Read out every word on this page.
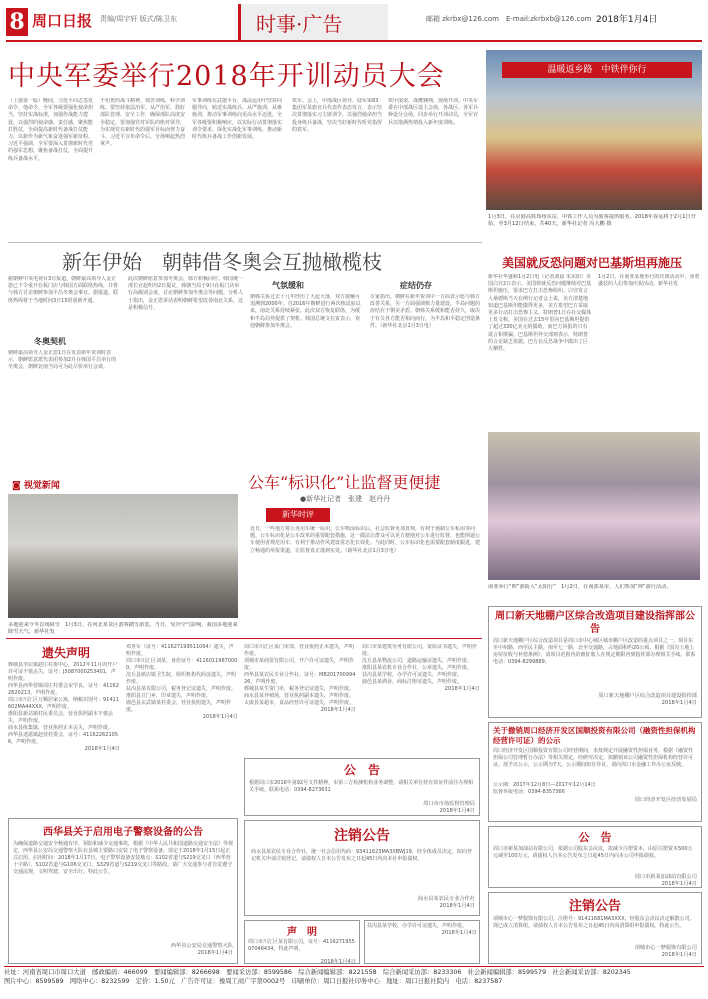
8 周口日报 责编/周宇轩 版式/陈卫东	时事·广告	邮箱 zkrbx@126.com　E-mail:zkrbxb@126.com 2018年1月4日
中央军委举行2018年开训动员大会
（上接第一版）晚间，习近平同志签发命令。他命令，全军各级要强化使命担当，坚持实战标准，加强作战能力建设，以强烈的使命感、责任感，聚焦能打胜仗，全面提高新时代备战打仗能力，以新作为新气象奋进强军新征程。习近平强调，全军要深入贯彻新时代党的强军思想，聚焦备战打仗，全面提升练兵备战水平。
不怕死的战斗精神，刻苦训练，科学训练。要坚持依法治军、从严治军，抓好部队管理、安全工作，确保部队高度安全稳定。要加强党对军队的绝对领导，为实现党在新时代的强军目标而努力奋斗。习近平宣布命令后，全场响起热烈掌声。
军事训练在武器平台、战法运用中坚持问题导向，贴近实战练兵、从严施训、从难施训，推动军事训练向更高水平迈进。全军各级要积极响应，以实际行动贯彻落实训令要求，深化实战化军事训练，推动新时代练兵备战工作创新发展。
铁军。会上，中部战区领导、陆军第83集团军某旅官兵代表作表态发言，表示坚决贯彻落实习主席训令，以强烈使命担当投身练兵备战，坚决当好新时代听党指挥的铁军。
铁甲滚滚、战鹰翱翔，现场开训。中央军委在中部战区设主会场，各战区、各军兵种设分会场，同步举行开训动员，全军官兵以饱满热情投入新年度训练。
温暖返乡路　中铁伴你行
1月3日，在京港高铁郑州东站，中铁工作人员为旅客提供服务。2018年春运将于2月1日开始，至3月12日结束，共40天。新华社记者 冯大鹏 摄
新年伊始　朝韩借冬奥会互抛橄榄枝
据朝鲜中央电视台3日报道，朝鲜最高领导人金正恩已下令重开在板门店与韩国方面联络热线，并将与韩方讨论朝鲜参加平昌冬奥会事宜。据报道，联络热线将于当地时间3日15时重新开通。
冬奥契机
朝鲜最高领导人金正恩1日在发表新年贺词时表示，朝鲜愿意派代表团参加2月在韩国平昌举行的冬奥会，朝鲜北南当局可为此尽快举行会谈。
此次朝鲜愿意参加冬奥会，韩方积极回应。韩国统一部长官赵明均2日提议，韩朝当局于9日在板门店举行高级别会谈，讨论朝鲜参加冬奥会等问题。分析人士指出，金正恩讲话表明朝鲜希望改善南北关系，这是积极信号。
气氛缓和
朝韩关系过去十几年经历了大起大落，双方接触可追溯到2000年。自2016年朝鲜进行两次核试验以来，南北关系持续紧张。此次双方恢复联络，为缓和半岛局势提供了契机。韩国总统文在寅表示，欢迎朝鲜参加冬奥会。
症结仍存
专家指出，朝鲜在新年贺词中一方面表示愿与韩方改善关系，另一方面强调核力量建设。半岛问题的症结在于朝美矛盾，朝韩关系缓和能否持久，取决于有关各方能否相向而行，为半岛和平稳定创造条件。（新华社北京1月3日电）
美国就反恐问题对巴基斯坦再施压
新华社华盛顿1月2日电（记者刘晨 朱东阳）美国白宫2日表示，美国将就反恐问题继续对巴基斯坦施压，要求巴方打击恐怖组织。白宫发言人桑德斯当天在例行记者会上说，美方清楚地知道巴基斯坦能做得更多，美方希望巴方采取更多行动打击恐怖主义。特朗普1日在社交媒体上发文称，美国在过去15年里向巴基斯坦提供了超过330亿美元的援助，而巴方回报的只有谎言和欺骗。巴基斯坦外交部则表示，特朗普的言论缺乏依据，巴方在反恐战争中做出了巨大牺牲。
1月2日，在南亚某地举行的庆典活动中，身着盛装的人们参加庆祝活动。新华社发
南亚举行“帅”游街入“太阳行”　1月2日，在南部某市，人们参加“帅”游行活动。
公车“标识化”让监督更便捷
●新华社记者　张建　赵丹丹
新华时评
近日，一些地方将公务用车统一标识。公车喷涂标识后，社会监督更加直观，有利于遏制公车私用等问题。公车标识化是公车改革的重要配套措施，这一做法让群众可以更方便地对公车进行监督，也能倒逼公车使用者规范用车，有利于推动作风建设常态化长效化。与此同时，公车标识化也需要配套制度跟进，建立畅通的举报渠道，让监督真正落到实处。（新华社北京1月3日电）
◙ 视觉新闻
多地迎来今冬首场降雪　1月3日，在河北某景区游客踏雪游览。当日，受冷空气影响，我国多地迎来降雪天气。新华社发
遗失声明

郸城县李店镇赵庄村委中心，2012年11月的开户许可证不慎丢失，证号：J5087000253401，声明作废。

西华县西华营镇周庄村委会宋学良，证号：411622620213，声明作废。

周口市川汇区万顺居家公寓，纳税识别号：91411602MA44XXX，声明作废。

淮阳县新站镇村民委员会，营业执照副本不慎丢失，声明作废。

商水县练集镇，营业执照正本丢失，声明作废。

西华县逍遥镇赵营村委会，证号：411622621056，声明作废。

2018年1月4日

邓亚军（证号：411627199511064）遗失，声明作废。

周口市川汇区刘某，身份证号：41160119870000，声明作废。

沈丘县纸店镇卫生院，组织机构代码证遗失，声明作废。

扶沟县某有限公司，税务登记证遗失，声明作废。

淮阳县豆门乡，印章遗失，声明作废。

鹿邑县玄武镇某村委会，营业执照遗失，声明作废。

2018年1月4日

周口市川汇区某门市部，营业执照正本遗失，声明作废。

项城市某商贸有限公司，开户许可证遗失，声明作废。

西华县某农民专业合作社，证号：MB20170099426，声明作废。

郸城县某生资门市，税务登记证遗失，声明作废。

商水县某养殖场，营业执照副本遗失，声明作废。

太康县某超市，食品经营许可证遗失，声明作废。

2018年1月4日

周口市某建筑劳务有限公司，资质证书遗失，声明作废。

沈丘县某物流公司，道路运输证遗失，声明作废。

淮阳县某农机专业合作社，公章遗失，声明作废。

扶沟县某学校，办学许可证遗失，声明作废。

鹿邑县某酒业，商标注册证遗失，声明作废。

2018年1月4日

公　告
根据周口市2016年第92号文件精神，市第三方检测机构业务调整，请相关单位持有效证件前往办理相关手续。联系电话：0394-8273631
周口市市场监督管理局
2018年1月4日
西华县关于启用电子警察设备的公告
为确保道路交通安全畅通有序，预防和减少交通事故，根据《中华人民共和国道路交通安全法》等规定，西华县公安局交通警察大队在县城主要路口安装了电子警察设备，现定于2018年1月15日起正式启用。启用时间：2018年1月17日。电子警察设备安装地点：S102省道与S219交叉口（西华营十字路）、S102省道与G106交叉口、S329省道与S219交叉口等路段。请广大交通参与者自觉遵守交通法规，文明驾驶，安全出行。特此公告。
西华县公安局交通警察大队
2018年1月4日
注销公告
商水县某农民专业合作社，统一社会信用代码：93411623MA3XBWJ19，经全体成员决定，拟向登记机关申请注销登记，请债权人自本公告发布之日起45日内向本社申报债权。
商水县某农民专业合作社
2018年1月4日
声　明
周口市川汇区某有限公司，证号：411627195507046434，特此声明。
2018年1月4日

扶沟县某学校，办学许可证遗失，声明作废。

2018年1月4日

周口新天地棚户区综合改造项目建设指挥部公告
周口新天地棚户区综合改造项目是周口市中心城区城市棚户区改造的重点项目之一。项目东至中州路，西至民主路，南至七一路，北至交通路，占地面积约20公顷。根据《国有土地上房屋征收与补偿条例》，请项目范围内的被征收人在规定期限内到指挥部办理相关手续。联系电话：0394-8299889。
周口新天地棚户区综合改造项目建设指挥部
2018年1月4日
关于撤销周口经济开发区国顺投资有限公司（融资性担保机构经营许可证）的公示
周口经济开发区国顺投资有限公司经营期间，未按规定开展融资性担保业务，根据《融资性担保公司管理暂行办法》等相关规定，经研究决定，拟撤销该公司融资性担保机构经营许可证。现予以公示，公示期为7天。公示期间如有异议，请向周口市金融工作办公室反映。
公示期：2017年12月8日—2017年12月14日
监督举报电话：0394-8357366
周口经济开发区经济发展局
公　告
周口市新某加油站有限公司，依据公司股东会决议，拟减少注册资本，由原注册资本500万元减至100万元，请债权人自本公告发布之日起45日内向本公司申报债权。
周口市新某加油站有限公司
2018年1月4日
注销公告
项城市心一梦服饰有限公司，注册号：91411681MA3XXX，经股东会决议决定解散公司，现已成立清算组，请债权人自本公告发布之日起45日内向清算组申报债权。特此公告。
项城市心一梦服饰有限公司
2018年1月4日
社址：河南省周口市周口大道　邮政编码：466099　要闻编辑部：8266698　要闻采访部：8599586　综合新闻编辑部：8221558　综合新闻采访部：8233306　社会新闻编辑部：8599579　社会新闻采访部：8202345
图片中心：8599589　网络中心：8232599　定价：1.50元　广告许可证：豫周工商广字第0002号　印刷单位：周口日报社印务中心　地址：周口日报社院内　电话：8237587
